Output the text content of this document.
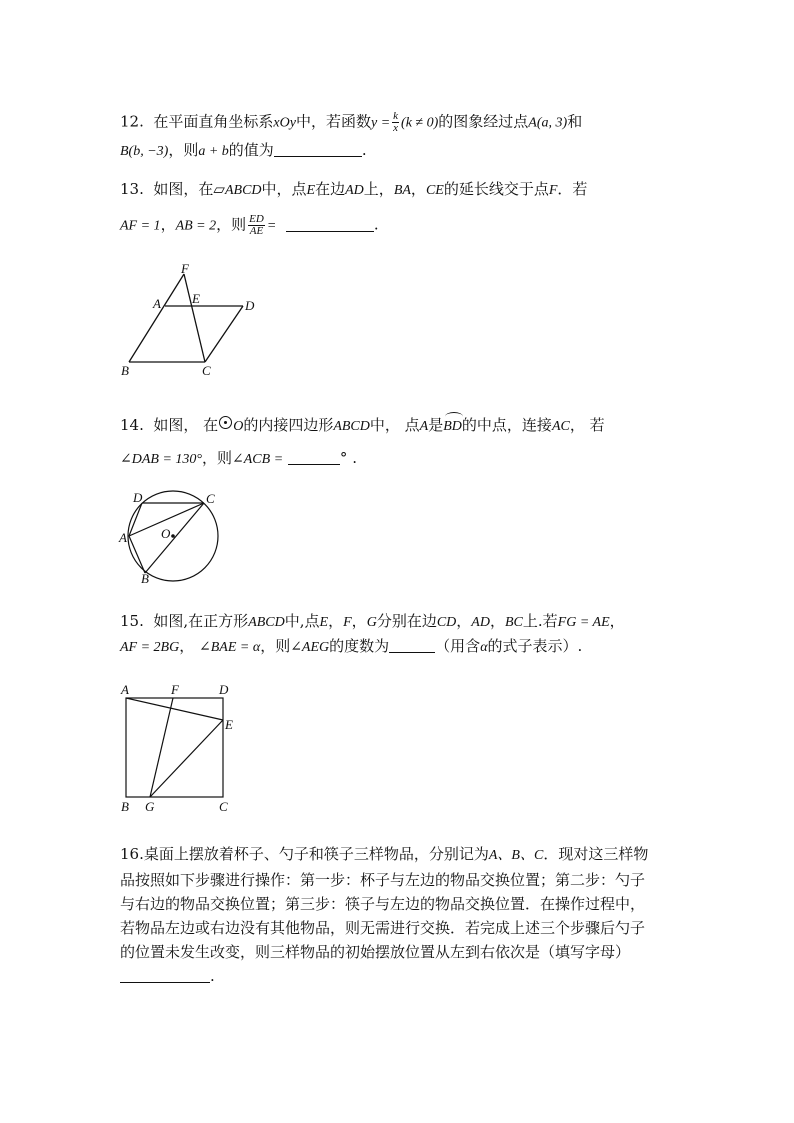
12. 在平面直角坐标系xOy中，若函数$y = \frac{k}{x} (k \ne 0)$的图象经过点A(a, 3)和
B(b, −3)，则a + b的值为	.
13. 如图，在▱ABCD中，点E在边AD上，BA，CE的延长线交于点F．若
AF = 1，AB = 2，则 $\frac{ED}{AE}$ =	.
F
A E	D
B	C
14. 如图， 在 O的内接四边形ABCD中， 点A是
BD的中点，连接AC， 若
∠DAB = 130°，则∠ACB =	° .
D	C
A	O
B
15. 如图,在正方形ABCD中,点E，F，G分别在边CD，AD，BC上.若FG = AE，
AF = 2BG， ∠BAE = α，则∠AEG的度数为	（用含α的式子表示）.
A	F	D
E
B G	C
16.桌面上摆放着杯子、勺子和筷子三样物品，分别记为A、B、C．现对这三样物
品按照如下步骤进行操作：第一步：杯子与左边的物品交换位置；第二步：勺子
与右边的物品交换位置；第三步：筷子与左边的物品交换位置．在操作过程中，
若物品左边或右边没有其他物品，则无需进行交换．若完成上述三个步骤后勺子
的位置未发生改变，则三样物品的初始摆放位置从左到右依次是（填写字母）
.
